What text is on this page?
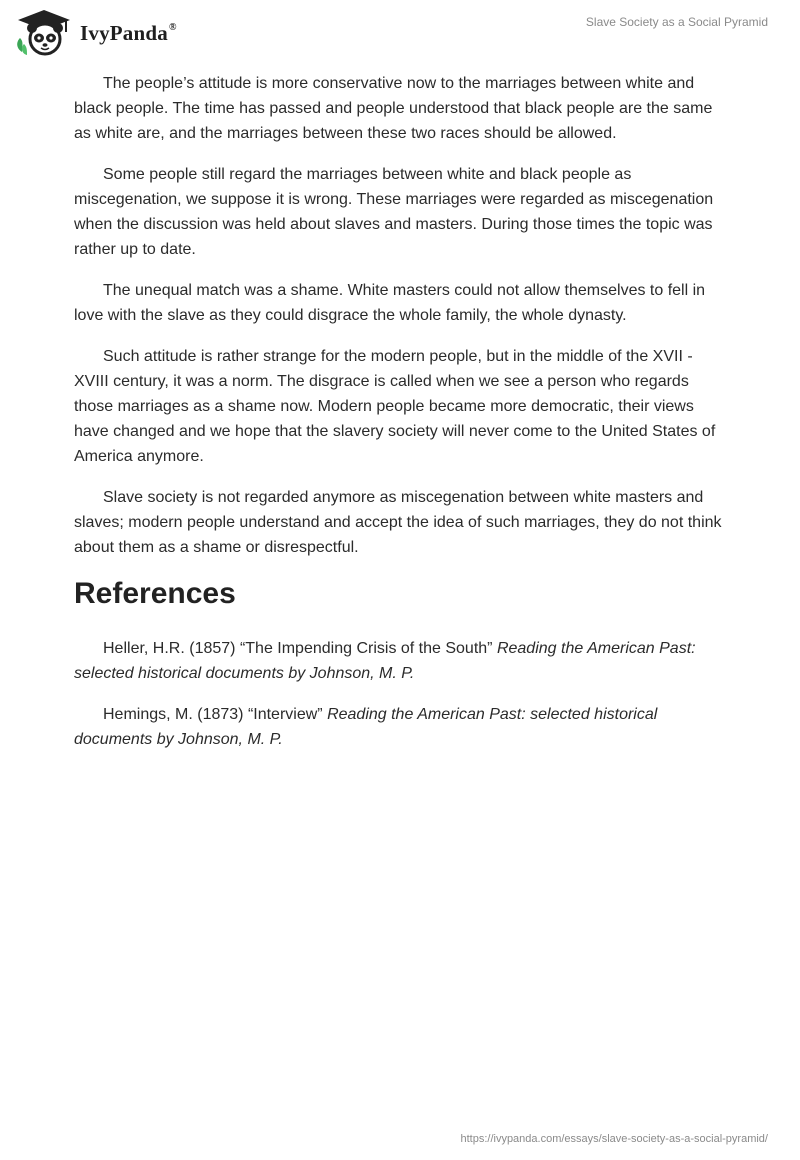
IvyPanda®	Slave Society as a Social Pyramid

The people’s attitude is more conservative now to the marriages between white and black people. The time has passed and people understood that black people are the same as white are, and the marriages between these two races should be allowed.

Some people still regard the marriages between white and black people as miscegenation, we suppose it is wrong. These marriages were regarded as miscegenation when the discussion was held about slaves and masters. During those times the topic was rather up to date.

The unequal match was a shame. White masters could not allow themselves to fell in love with the slave as they could disgrace the whole family, the whole dynasty.

Such attitude is rather strange for the modern people, but in the middle of the XVII - XVIII century, it was a norm. The disgrace is called when we see a person who regards those marriages as a shame now. Modern people became more democratic, their views have changed and we hope that the slavery society will never come to the United States of America anymore.

Slave society is not regarded anymore as miscegenation between white masters and slaves; modern people understand and accept the idea of such marriages, they do not think about them as a shame or disrespectful.

References

Heller, H.R. (1857) “The Impending Crisis of the South” Reading the American Past: selected historical documents by Johnson, M. P.

Hemings, M. (1873) “Interview” Reading the American Past: selected historical documents by Johnson, M. P.

https://ivypanda.com/essays/slave-society-as-a-social-pyramid/
